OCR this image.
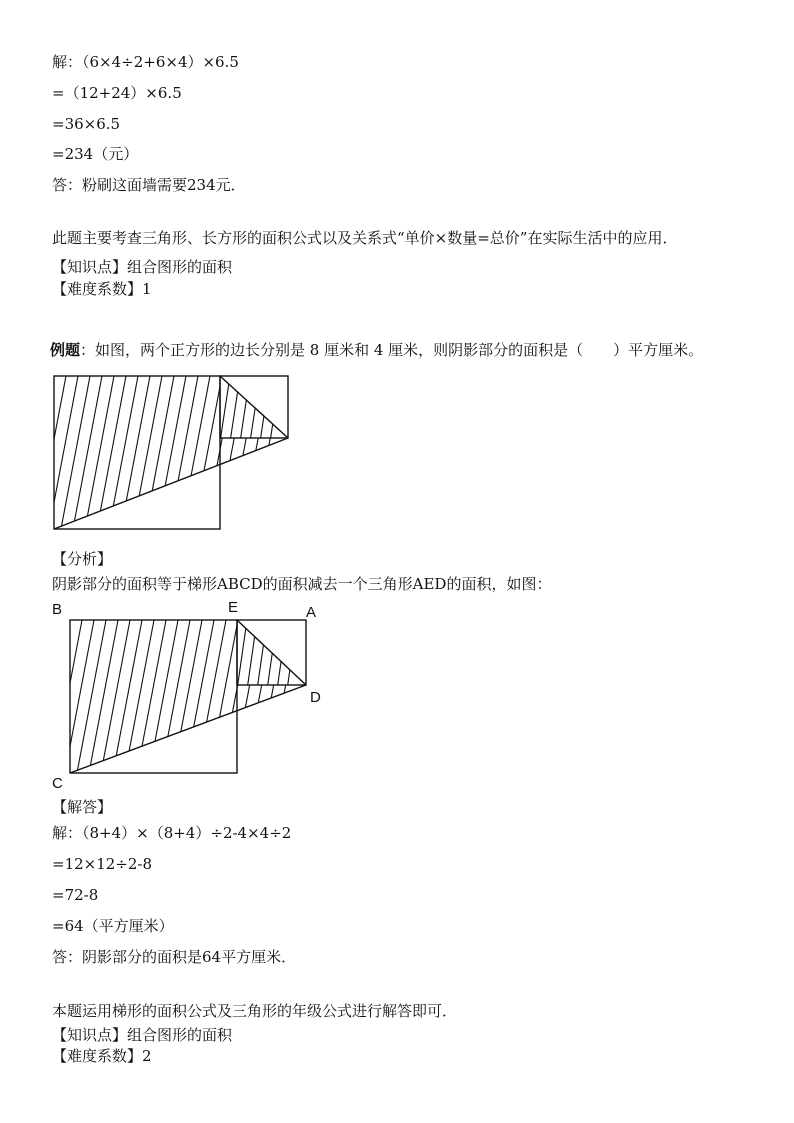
解：（6×4÷2+6×4）×6.5
=（12+24）×6.5
=36×6.5
=234（元）
答：粉刷这面墙需要234元．
此题主要考查三角形、长方形的面积公式以及关系式“单价×数量=总价”在实际生活中的应用．
【知识点】组合图形的面积
【难度系数】1
例题：如图，两个正方形的边长分别是 8 厘米和 4 厘米，则阴影部分的面积是（　　）平方厘米。
【分析】
阴影部分的面积等于梯形ABCD的面积减去一个三角形AED的面积，如图：
B	E	A
D
C
【解答】
解：（8+4）×（8+4）÷2-4×4÷2
=12×12÷2-8
=72-8
=64（平方厘米）
答：阴影部分的面积是64平方厘米．
本题运用梯形的面积公式及三角形的年级公式进行解答即可．
【知识点】组合图形的面积
【难度系数】2
